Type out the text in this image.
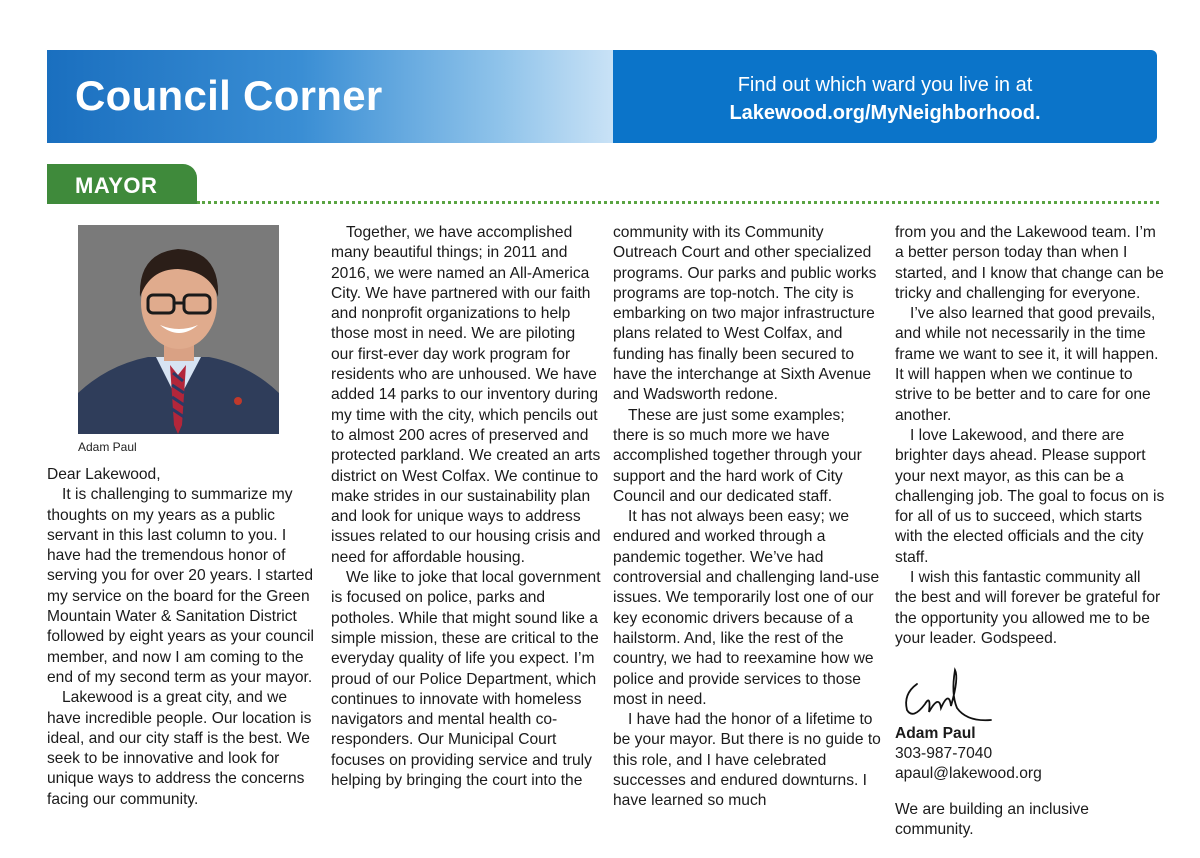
Council Corner	Find out which ward you live in at
Lakewood.org/MyNeighborhood.
MAYOR
Adam Paul

Dear Lakewood,

It is challenging to summarize my thoughts on my years as a public servant in this last column to you. I have had the tremendous honor of serving you for over 20 years. I started my service on the board for the Green Mountain Water & Sanitation District followed by eight years as your council member, and now I am coming to the end of my second term as your mayor.

Lakewood is a great city, and we have incredible people. Our location is ideal, and our city staff is the best. We seek to be innovative and look for unique ways to address the concerns facing our community.

Together, we have accomplished many beautiful things; in 2011 and 2016, we were named an All-America City. We have partnered with our faith and nonprofit organizations to help those most in need. We are piloting our first-ever day work program for residents who are unhoused. We have added 14 parks to our inventory during my time with the city, which pencils out to almost 200 acres of preserved and protected parkland. We created an arts district on West Colfax. We continue to make strides in our sustainability plan and look for unique ways to address issues related to our housing crisis and need for affordable housing.

We like to joke that local government is focused on police, parks and potholes. While that might sound like a simple mission, these are critical to the everyday quality of life you expect. I’m proud of our Police Department, which continues to innovate with homeless navigators and mental health co-responders. Our Municipal Court focuses on providing service and truly helping by bringing the court into the

community with its Community Outreach Court and other specialized programs. Our parks and public works programs are top-notch. The city is embarking on two major infrastructure plans related to West Colfax, and funding has finally been secured to have the interchange at Sixth Avenue and Wadsworth redone.

These are just some examples; there is so much more we have accomplished together through your support and the hard work of City Council and our dedicated staff.

It has not always been easy; we endured and worked through a pandemic together. We’ve had controversial and challenging land-use issues. We temporarily lost one of our key economic drivers because of a hailstorm. And, like the rest of the country, we had to reexamine how we police and provide services to those most in need.

I have had the honor of a lifetime to be your mayor. But there is no guide to this role, and I have celebrated successes and endured downturns. I have learned so much

from you and the Lakewood team. I’m a better person today than when I started, and I know that change can be tricky and challenging for everyone.

I’ve also learned that good prevails, and while not necessarily in the time frame we want to see it, it will happen. It will happen when we continue to strive to be better and to care for one another.

I love Lakewood, and there are brighter days ahead. Please support your next mayor, as this can be a challenging job. The goal to focus on is for all of us to succeed, which starts with the elected officials and the city staff.

I wish this fantastic community all the best and will forever be grateful for the opportunity you allowed me to be your leader. Godspeed.

Adam Paul
303-987-7040
apaul@lakewood.org
We are building an inclusive community.
